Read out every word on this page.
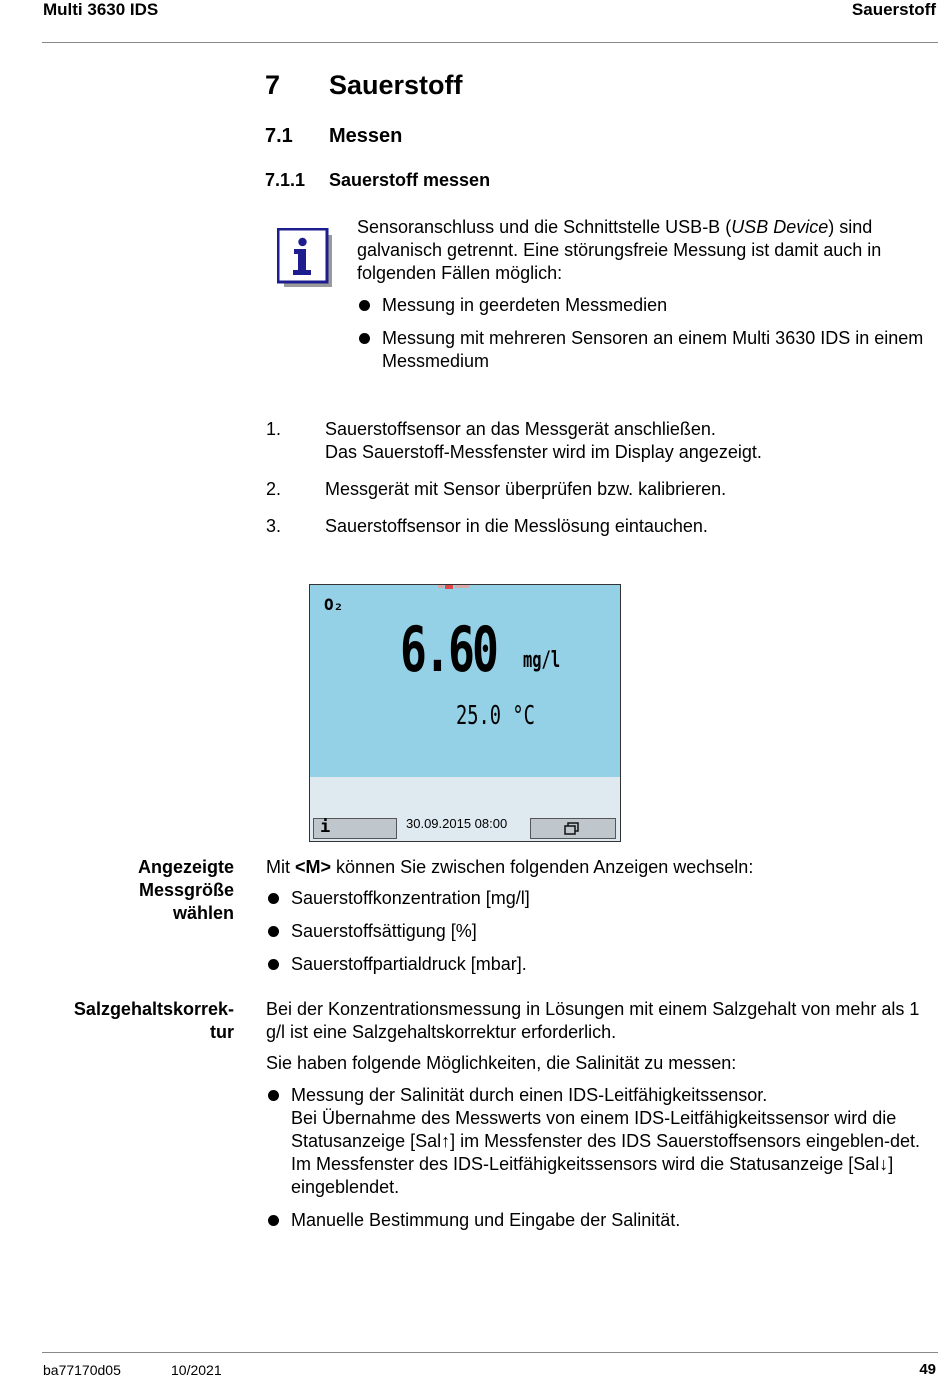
Multi 3630 IDS	Sauerstoff
7 Sauerstoff
7.1 Messen
7.1.1 Sauerstoff messen
Sensoranschluss und die Schnittstelle USB-B (USB Device) sind galvanisch getrennt. Eine störungsfreie Messung ist damit auch in folgenden Fällen möglich:
Messung in geerdeten Messmedien
Messung mit mehreren Sensoren an einem Multi 3630 IDS in einem Messmedium
1. Sauerstoffsensor an das Messgerät anschließen.
Das Sauerstoff-Messfenster wird im Display angezeigt.
2. Messgerät mit Sensor überprüfen bzw. kalibrieren.
3. Sauerstoffsensor in die Messlösung eintauchen.
O₂
6.60 mg/l
25.0 °C
i	30.09.2015 08:00
Angezeigte
Messgröße
wählen
Mit <M> können Sie zwischen folgenden Anzeigen wechseln:
Sauerstoffkonzentration [mg/l]
Sauerstoffsättigung [%]
Sauerstoffpartialdruck [mbar].
Salzgehaltskorrek-
tur
Bei der Konzentrationsmessung in Lösungen mit einem Salzgehalt von mehr als 1 g/l ist eine Salzgehaltskorrektur erforderlich.
Sie haben folgende Möglichkeiten, die Salinität zu messen:
Messung der Salinität durch einen IDS-Leitfähigkeitssensor.
Bei Übernahme des Messwerts von einem IDS-Leitfähigkeitssensor wird die Statusanzeige [Sal↑] im Messfenster des IDS Sauerstoffsensors eingeblen-det. Im Messfenster des IDS-Leitfähigkeitssensors wird die Statusanzeige [Sal↓] eingeblendet.
Manuelle Bestimmung und Eingabe der Salinität.
ba77170d05	10/2021	49
